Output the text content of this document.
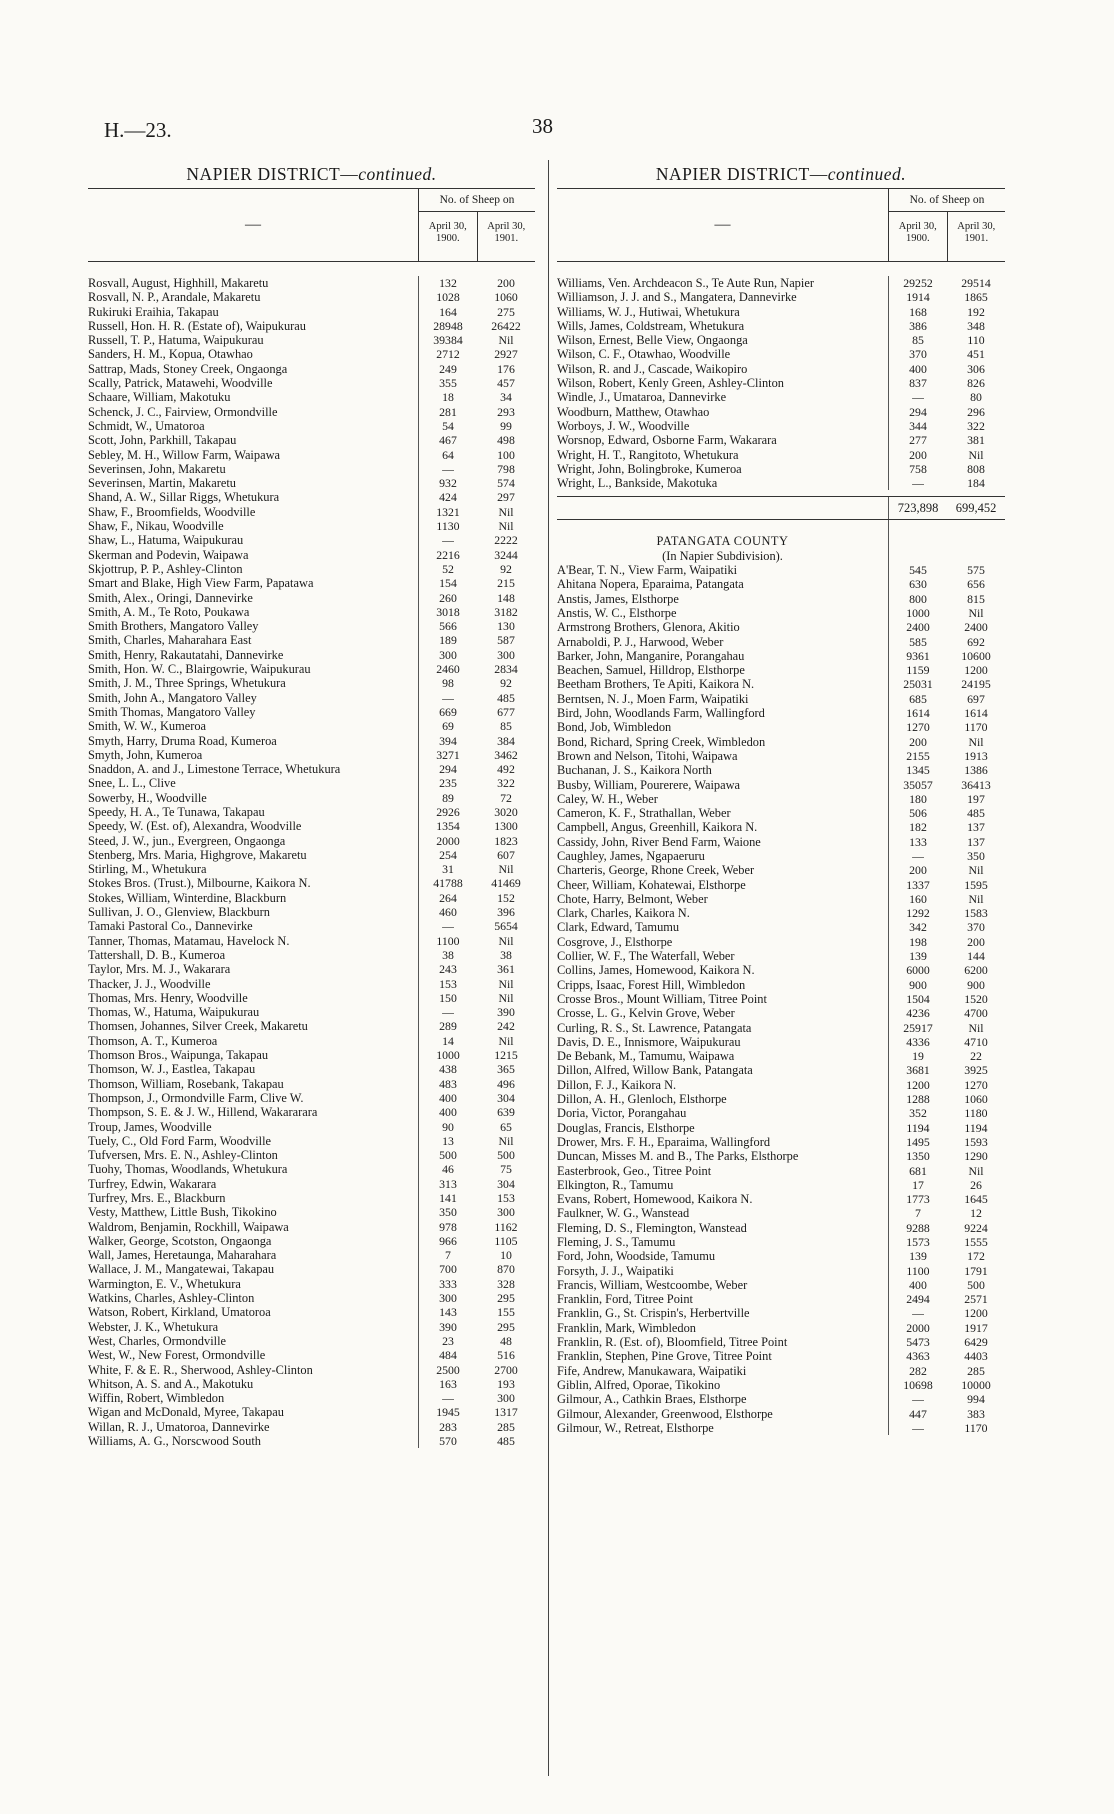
H.—23.	38
NAPIER DISTRICT—continued.
—
No. of Sheep on
April 30, 1900.
April 30, 1901.
Rosvall, August, Highhill, Makaretu	132	200
Rosvall, N. P., Arandale, Makaretu	1028	1060
Rukiruki Eraihia, Takapau	164	275
Russell, Hon. H. R. (Estate of), Waipukurau	28948	26422
Russell, T. P., Hatuma, Waipukurau	39384	Nil
Sanders, H. M., Kopua, Otawhao	2712	2927
Sattrap, Mads, Stoney Creek, Ongaonga	249	176
Scally, Patrick, Matawehi, Woodville	355	457
Schaare, William, Makotuku	18	34
Schenck, J. C., Fairview, Ormondville	281	293
Schmidt, W., Umatoroa	54	99
Scott, John, Parkhill, Takapau	467	498
Sebley, M. H., Willow Farm, Waipawa	64	100
Severinsen, John, Makaretu	—	798
Severinsen, Martin, Makaretu	932	574
Shand, A. W., Sillar Riggs, Whetukura	424	297
Shaw, F., Broomfields, Woodville	1321	Nil
Shaw, F., Nikau, Woodville	1130	Nil
Shaw, L., Hatuma, Waipukurau	—	2222
Skerman and Podevin, Waipawa	2216	3244
Skjottrup, P. P., Ashley-Clinton	52	92
Smart and Blake, High View Farm, Papatawa	154	215
Smith, Alex., Oringi, Dannevirke	260	148
Smith, A. M., Te Roto, Poukawa	3018	3182
Smith Brothers, Mangatoro Valley	566	130
Smith, Charles, Maharahara East	189	587
Smith, Henry, Rakautatahi, Dannevirke	300	300
Smith, Hon. W. C., Blairgowrie, Waipukurau	2460	2834
Smith, J. M., Three Springs, Whetukura	98	92
Smith, John A., Mangatoro Valley	—	485
Smith Thomas, Mangatoro Valley	669	677
Smith, W. W., Kumeroa	69	85
Smyth, Harry, Druma Road, Kumeroa	394	384
Smyth, John, Kumeroa	3271	3462
Snaddon, A. and J., Limestone Terrace, Whetukura	294	492
Snee, L. L., Clive	235	322
Sowerby, H., Woodville	89	72
Speedy, H. A., Te Tunawa, Takapau	2926	3020
Speedy, W. (Est. of), Alexandra, Woodville	1354	1300
Steed, J. W., jun., Evergreen, Ongaonga	2000	1823
Stenberg, Mrs. Maria, Highgrove, Makaretu	254	607
Stirling, M., Whetukura	31	Nil
Stokes Bros. (Trust.), Milbourne, Kaikora N.	41788	41469
Stokes, William, Winterdine, Blackburn	264	152
Sullivan, J. O., Glenview, Blackburn	460	396
Tamaki Pastoral Co., Dannevirke	—	5654
Tanner, Thomas, Matamau, Havelock N.	1100	Nil
Tattershall, D. B., Kumeroa	38	38
Taylor, Mrs. M. J., Wakarara	243	361
Thacker, J. J., Woodville	153	Nil
Thomas, Mrs. Henry, Woodville	150	Nil
Thomas, W., Hatuma, Waipukurau	—	390
Thomsen, Johannes, Silver Creek, Makaretu	289	242
Thomson, A. T., Kumeroa	14	Nil
Thomson Bros., Waipunga, Takapau	1000	1215
Thomson, W. J., Eastlea, Takapau	438	365
Thomson, William, Rosebank, Takapau	483	496
Thompson, J., Ormondville Farm, Clive W.	400	304
Thompson, S. E. & J. W., Hillend, Wakararara	400	639
Troup, James, Woodville	90	65
Tuely, C., Old Ford Farm, Woodville	13	Nil
Tufversen, Mrs. E. N., Ashley-Clinton	500	500
Tuohy, Thomas, Woodlands, Whetukura	46	75
Turfrey, Edwin, Wakarara	313	304
Turfrey, Mrs. E., Blackburn	141	153
Vesty, Matthew, Little Bush, Tikokino	350	300
Waldrom, Benjamin, Rockhill, Waipawa	978	1162
Walker, George, Scotston, Ongaonga	966	1105
Wall, James, Heretaunga, Maharahara	7	10
Wallace, J. M., Mangatewai, Takapau	700	870
Warmington, E. V., Whetukura	333	328
Watkins, Charles, Ashley-Clinton	300	295
Watson, Robert, Kirkland, Umatoroa	143	155
Webster, J. K., Whetukura	390	295
West, Charles, Ormondville	23	48
West, W., New Forest, Ormondville	484	516
White, F. & E. R., Sherwood, Ashley-Clinton	2500	2700
Whitson, A. S. and A., Makotuku	163	193
Wiffin, Robert, Wimbledon	—	300
Wigan and McDonald, Myree, Takapau	1945	1317
Willan, R. J., Umatoroa, Dannevirke	283	285
Williams, A. G., Norscwood South	570	485
NAPIER DISTRICT—continued.
—
No. of Sheep on
April 30, 1900.
April 30, 1901.
Williams, Ven. Archdeacon S., Te Aute Run, Napier	29252	29514
Williamson, J. J. and S., Mangatera, Dannevirke	1914	1865
Williams, W. J., Hutiwai, Whetukura	168	192
Wills, James, Coldstream, Whetukura	386	348
Wilson, Ernest, Belle View, Ongaonga	85	110
Wilson, C. F., Otawhao, Woodville	370	451
Wilson, R. and J., Cascade, Waikopiro	400	306
Wilson, Robert, Kenly Green, Ashley-Clinton	837	826
Windle, J., Umataroa, Dannevirke	—	80
Woodburn, Matthew, Otawhao	294	296
Worboys, J. W., Woodville	344	322
Worsnop, Edward, Osborne Farm, Wakarara	277	381
Wright, H. T., Rangitoto, Whetukura	200	Nil
Wright, John, Bolingbroke, Kumeroa	758	808
Wright, L., Bankside, Makotuka	—	184
723,898	699,452
PATANGATA COUNTY
(In Napier Subdivision).
A'Bear, T. N., View Farm, Waipatiki	545	575
Ahitana Nopera, Eparaima, Patangata	630	656
Anstis, James, Elsthorpe	800	815
Anstis, W. C., Elsthorpe	1000	Nil
Armstrong Brothers, Glenora, Akitio	2400	2400
Arnaboldi, P. J., Harwood, Weber	585	692
Barker, John, Manganire, Porangahau	9361	10600
Beachen, Samuel, Hilldrop, Elsthorpe	1159	1200
Beetham Brothers, Te Apiti, Kaikora N.	25031	24195
Berntsen, N. J., Moen Farm, Waipatiki	685	697
Bird, John, Woodlands Farm, Wallingford	1614	1614
Bond, Job, Wimbledon	1270	1170
Bond, Richard, Spring Creek, Wimbledon	200	Nil
Brown and Nelson, Titohi, Waipawa	2155	1913
Buchanan, J. S., Kaikora North	1345	1386
Busby, William, Pourerere, Waipawa	35057	36413
Caley, W. H., Weber	180	197
Cameron, K. F., Strathallan, Weber	506	485
Campbell, Angus, Greenhill, Kaikora N.	182	137
Cassidy, John, River Bend Farm, Waione	133	137
Caughley, James, Ngapaeruru	—	350
Charteris, George, Rhone Creek, Weber	200	Nil
Cheer, William, Kohatewai, Elsthorpe	1337	1595
Chote, Harry, Belmont, Weber	160	Nil
Clark, Charles, Kaikora N.	1292	1583
Clark, Edward, Tamumu	342	370
Cosgrove, J., Elsthorpe	198	200
Collier, W. F., The Waterfall, Weber	139	144
Collins, James, Homewood, Kaikora N.	6000	6200
Cripps, Isaac, Forest Hill, Wimbledon	900	900
Crosse Bros., Mount William, Titree Point	1504	1520
Crosse, L. G., Kelvin Grove, Weber	4236	4700
Curling, R. S., St. Lawrence, Patangata	25917	Nil
Davis, D. E., Innismore, Waipukurau	4336	4710
De Bebank, M., Tamumu, Waipawa	19	22
Dillon, Alfred, Willow Bank, Patangata	3681	3925
Dillon, F. J., Kaikora N.	1200	1270
Dillon, A. H., Glenloch, Elsthorpe	1288	1060
Doria, Victor, Porangahau	352	1180
Douglas, Francis, Elsthorpe	1194	1194
Drower, Mrs. F. H., Eparaima, Wallingford	1495	1593
Duncan, Misses M. and B., The Parks, Elsthorpe	1350	1290
Easterbrook, Geo., Titree Point	681	Nil
Elkington, R., Tamumu	17	26
Evans, Robert, Homewood, Kaikora N.	1773	1645
Faulkner, W. G., Wanstead	7	12
Fleming, D. S., Flemington, Wanstead	9288	9224
Fleming, J. S., Tamumu	1573	1555
Ford, John, Woodside, Tamumu	139	172
Forsyth, J. J., Waipatiki	1100	1791
Francis, William, Westcoombe, Weber	400	500
Franklin, Ford, Titree Point	2494	2571
Franklin, G., St. Crispin's, Herbertville	—	1200
Franklin, Mark, Wimbledon	2000	1917
Franklin, R. (Est. of), Bloomfield, Titree Point	5473	6429
Franklin, Stephen, Pine Grove, Titree Point	4363	4403
Fife, Andrew, Manukawara, Waipatiki	282	285
Giblin, Alfred, Oporae, Tikokino	10698	10000
Gilmour, A., Cathkin Braes, Elsthorpe	—	994
Gilmour, Alexander, Greenwood, Elsthorpe	447	383
Gilmour, W., Retreat, Elsthorpe	—	1170
